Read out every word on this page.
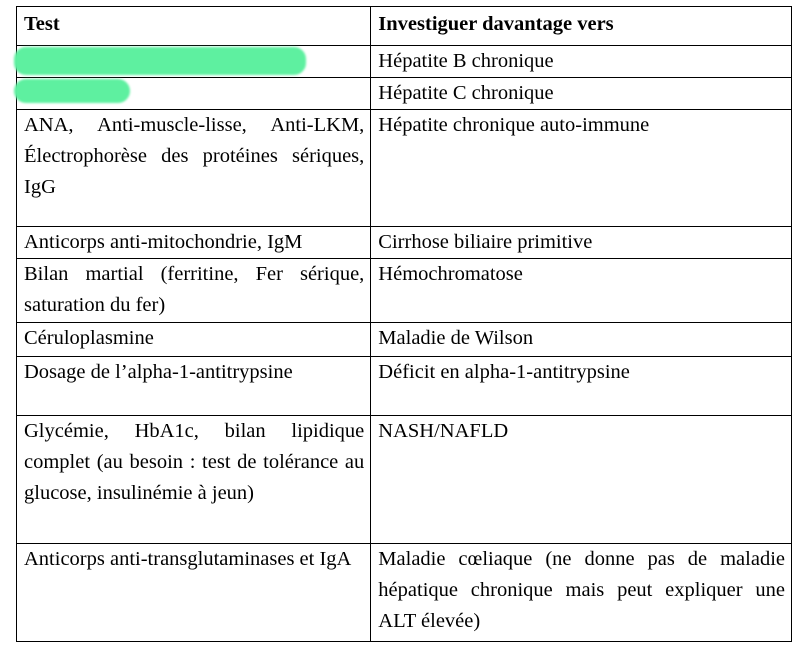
Test	Investiguer davantage vers
	Hépatite B chronique
	Hépatite C chronique
ANA, Anti-muscle-lisse, Anti-LKM, Électrophorèse des protéines sériques, IgG	Hépatite chronique auto-immune
Anticorps anti-mitochondrie, IgM	Cirrhose biliaire primitive
Bilan martial (ferritine, Fer sérique, saturation du fer)	Hémochromatose
Céruloplasmine	Maladie de Wilson
Dosage de l’alpha-1-antitrypsine	Déficit en alpha-1-antitrypsine
Glycémie, HbA1c, bilan lipidique complet (au besoin : test de tolérance au glucose, insulinémie à jeun)	NASH/NAFLD
Anticorps anti-transglutaminases et IgA	Maladie cœliaque (ne donne pas de maladie hépatique chronique mais peut expliquer une ALT élevée)
